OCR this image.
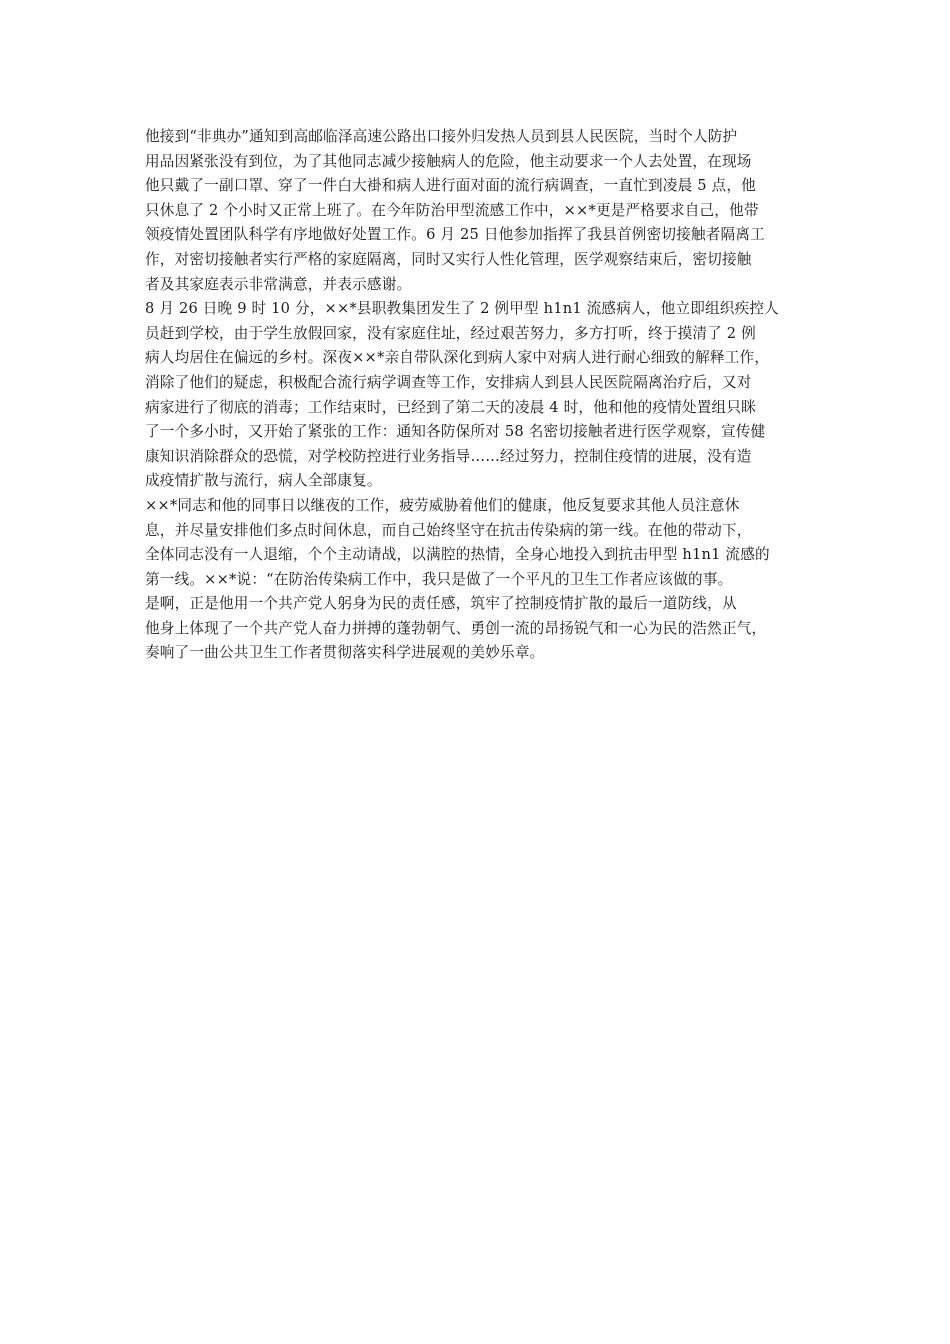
他接到“非典办”通知到高邮临泽高速公路出口接外归发热人员到县人民医院，当时个人防护
用品因紧张没有到位，为了其他同志减少接触病人的危险，他主动要求一个人去处置，在现场
他只戴了一副口罩、穿了一件白大褂和病人进行面对面的流行病调查，一直忙到凌晨 5 点，他
只休息了 2 个小时又正常上班了。在今年防治甲型流感工作中，××*更是严格要求自己，他带
领疫情处置团队科学有序地做好处置工作。6 月 25 日他参加指挥了我县首例密切接触者隔离工
作，对密切接触者实行严格的家庭隔离，同时又实行人性化管理，医学观察结束后，密切接触
者及其家庭表示非常满意，并表示感谢。

8 月 26 日晚 9 时 10 分，××*县职教集团发生了 2 例甲型 h1n1 流感病人，他立即组织疾控人
员赶到学校，由于学生放假回家，没有家庭住址，经过艰苦努力，多方打听，终于摸清了 2 例
病人均居住在偏远的乡村。深夜××*亲自带队深化到病人家中对病人进行耐心细致的解释工作，
消除了他们的疑虑，积极配合流行病学调查等工作，安排病人到县人民医院隔离治疗后，又对
病家进行了彻底的消毒；工作结束时，已经到了第二天的凌晨 4 时，他和他的疫情处置组只眯
了一个多小时，又开始了紧张的工作：通知各防保所对 58 名密切接触者进行医学观察，宣传健
康知识消除群众的恐慌，对学校防控进行业务指导……经过努力，控制住疫情的进展，没有造
成疫情扩散与流行，病人全部康复。

××*同志和他的同事日以继夜的工作，疲劳威胁着他们的健康，他反复要求其他人员注意休
息，并尽量安排他们多点时间休息，而自己始终坚守在抗击传染病的第一线。在他的带动下，
全体同志没有一人退缩，个个主动请战，以满腔的热情，全身心地投入到抗击甲型 h1n1 流感的
第一线。××*说：“在防治传染病工作中，我只是做了一个平凡的卫生工作者应该做的事。

是啊，正是他用一个共产党人躬身为民的责任感，筑牢了控制疫情扩散的最后一道防线，从
他身上体现了一个共产党人奋力拼搏的蓬勃朝气、勇创一流的昂扬锐气和一心为民的浩然正气，
奏响了一曲公共卫生工作者贯彻落实科学进展观的美妙乐章。
